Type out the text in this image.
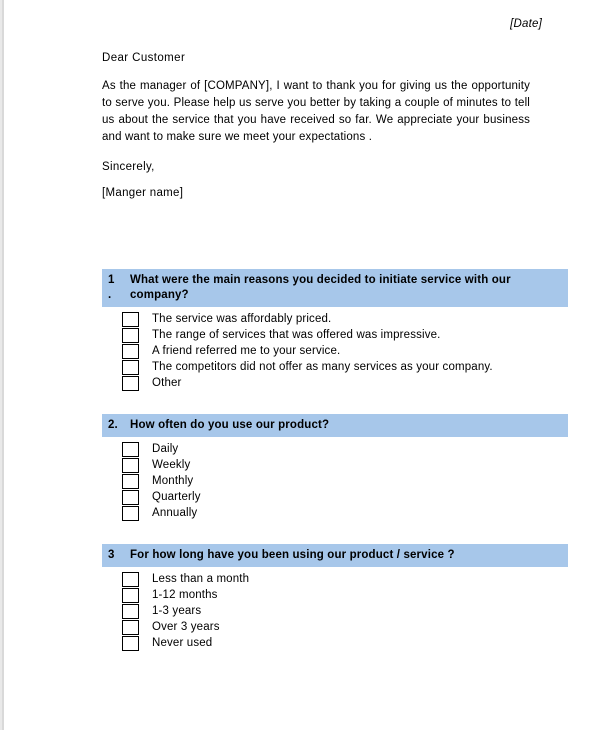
[Date]
Dear Customer
As the manager of [COMPANY], I want to thank you for giving us the opportunity to serve you. Please help us serve you better by taking a couple of minutes to tell us about the service that you have received so far. We appreciate your business and want to make sure we meet your expectations .
Sincerely,
[Manger name]
1
.
What were the main reasons you decided to initiate service with our company?
The service was affordably priced.
The range of services that was offered was impressive.
A friend referred me to your service.
The competitors did not offer as many services as your company.
Other
2.	How often do you use our product?
Daily
Weekly
Monthly
Quarterly
Annually
3	For how long have you been using our product / service ?
Less than a month
1-12 months
1-3 years
Over 3 years
Never used
